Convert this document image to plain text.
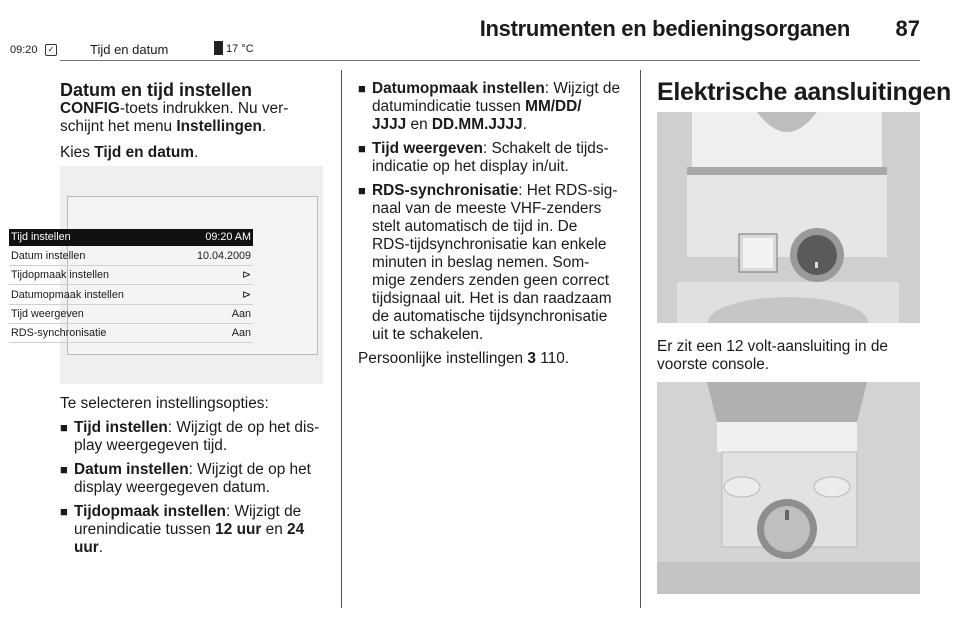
Instrumenten en bedieningsorganen	87

Datum en tijd instellen

CONFIG-toets indrukken. Nu ver-
schijnt het menu Instellingen.

Kies Tijd en datum.

09:20	✓	Tijd en datum	17 °C
Tijd instellen	09:20 AM
Datum instellen	10.04.2009
Tijdopmaak instellen	⊳
Datumopmaak instellen	⊳
Tijd weergeven	Aan
RDS-synchronisatie	Aan

Te selecteren instellingsopties:

■ Tijd instellen: Wijzigt de op het dis-
play weergegeven tijd.
■ Datum instellen: Wijzigt de op het
display weergegeven datum.
■ Tijdopmaak instellen: Wijzigt de
urenindicatie tussen 12 uur en 24
uur.
■ Datumopmaak instellen: Wijzigt de
datumindicatie tussen MM/DD/
JJJJ en DD.MM.JJJJ.
■ Tijd weergeven: Schakelt de tijds-
indicatie op het display in/uit.
■ RDS-synchronisatie: Het RDS-sig-
naal van de meeste VHF-zenders
stelt automatisch de tijd in. De
RDS-tijdsynchronisatie kan enkele
minuten in beslag nemen. Som-
mige zenders zenden geen correct
tijdsignaal uit. Het is dan raadzaam
de automatische tijdsynchronisatie
uit te schakelen.

Persoonlijke instellingen 3 110.

Elektrische aansluitingen
Er zit een 12 volt-aansluiting in de
voorste console.
